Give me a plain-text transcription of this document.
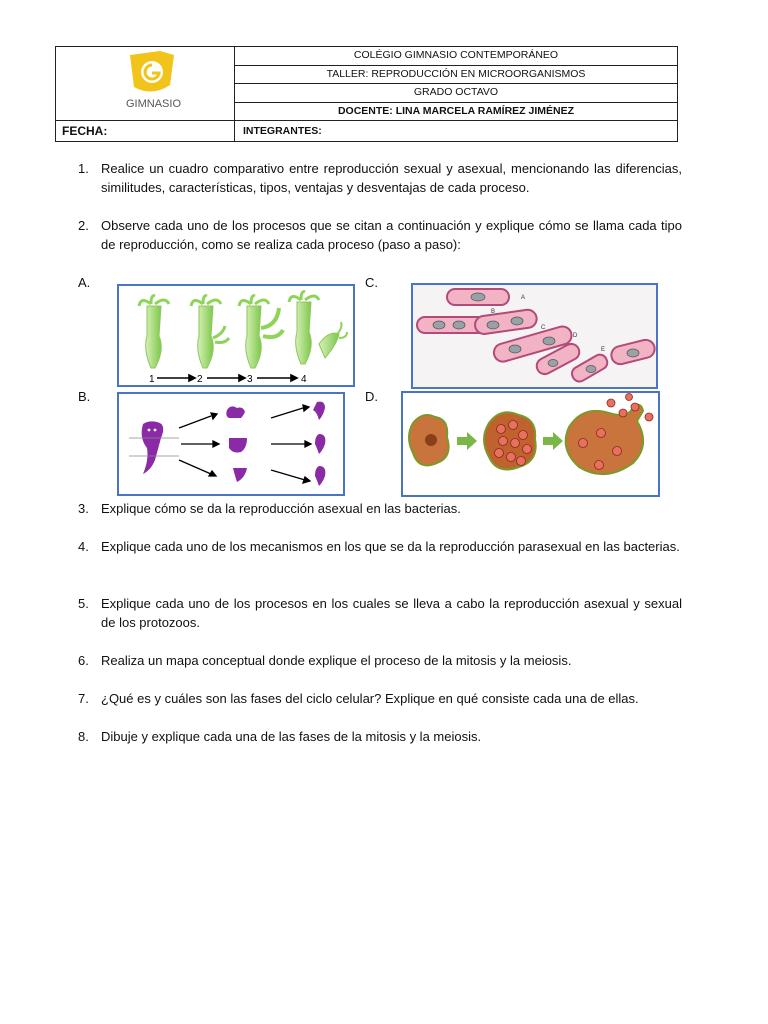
GIMNASIO	COLÉGIO GIMNASIO CONTEMPORÁNEO
	TALLER: REPRODUCCIÓN EN MICROORGANISMOS
	GRADO OCTAVO
	DOCENTE: LINA MARCELA RAMÍREZ JIMÉNEZ
FECHA:	INTEGRANTES:
1. Realice un cuadro comparativo entre reproducción sexual y asexual, mencionando las diferencias, similitudes, características, tipos, ventajas y desventajas de cada proceso.
2. Observe cada uno de los procesos que se citan a continuación y explique cómo se llama cada tipo de reproducción, como se realiza cada proceso (paso a paso):
A.	C.
B.	D.
1	2	3	4
A
B
C
D
E
3. Explique cómo se da la reproducción asexual en las bacterias.
4. Explique cada uno de los mecanismos en los que se da la reproducción parasexual en las bacterias.
5. Explique cada uno de los procesos en los cuales se lleva a cabo la reproducción asexual y sexual de los protozoos.
6. Realiza un mapa conceptual donde explique el proceso de la mitosis y la meiosis.
7. ¿Qué es y cuáles son las fases del ciclo celular? Explique en qué consiste cada una de ellas.
8. Dibuje y explique cada una de las fases de la mitosis y la meiosis.
